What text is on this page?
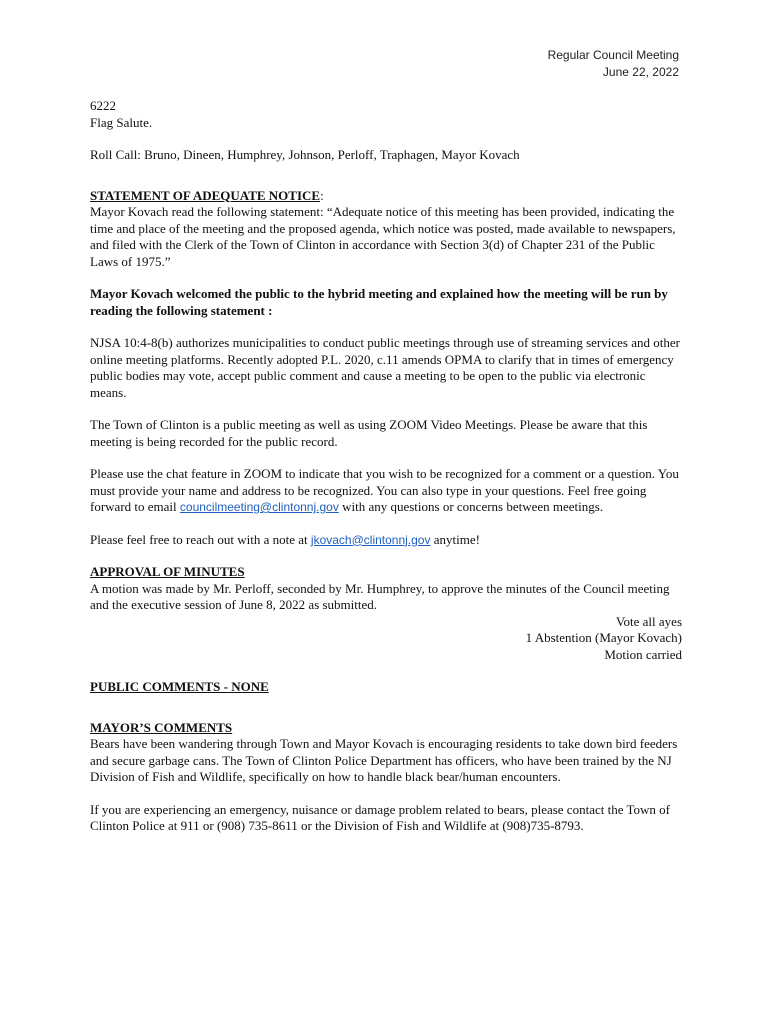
Regular Council Meeting
June 22, 2022

6222

Flag Salute.

Roll Call: Bruno, Dineen, Humphrey, Johnson, Perloff, Traphagen, Mayor Kovach

STATEMENT OF ADEQUATE NOTICE:

Mayor Kovach read the following statement: “Adequate notice of this meeting has been provided, indicating the time and place of the meeting and the proposed agenda, which notice was posted, made available to newspapers, and filed with the Clerk of the Town of Clinton in accordance with Section 3(d) of Chapter 231 of the Public Laws of 1975.”

Mayor Kovach welcomed the public to the hybrid meeting and explained how the meeting will be run by reading the following statement :

NJSA 10:4-8(b) authorizes municipalities to conduct public meetings through use of streaming services and other online meeting platforms. Recently adopted P.L. 2020, c.11 amends OPMA to clarify that in times of emergency public bodies may vote, accept public comment and cause a meeting to be open to the public via electronic means.

The Town of Clinton is a public meeting as well as using ZOOM Video Meetings. Please be aware that this meeting is being recorded for the public record.

Please use the chat feature in ZOOM to indicate that you wish to be recognized for a comment or a question. You must provide your name and address to be recognized. You can also type in your questions. Feel free going forward to email councilmeeting@clintonnj.gov with any questions or concerns between meetings.

Please feel free to reach out with a note at jkovach@clintonnj.gov anytime!

APPROVAL OF MINUTES

A motion was made by Mr. Perloff, seconded by Mr. Humphrey, to approve the minutes of the Council meeting and the executive session of June 8, 2022 as submitted.

Vote all ayes

1 Abstention (Mayor Kovach)

Motion carried

PUBLIC COMMENTS - NONE

MAYOR’S COMMENTS

Bears have been wandering through Town and Mayor Kovach is encouraging residents to take down bird feeders and secure garbage cans. The Town of Clinton Police Department has officers, who have been trained by the NJ Division of Fish and Wildlife, specifically on how to handle black bear/human encounters.

If you are experiencing an emergency, nuisance or damage problem related to bears, please contact the Town of Clinton Police at 911 or (908) 735-8611 or the Division of Fish and Wildlife at (908)735-8793.
